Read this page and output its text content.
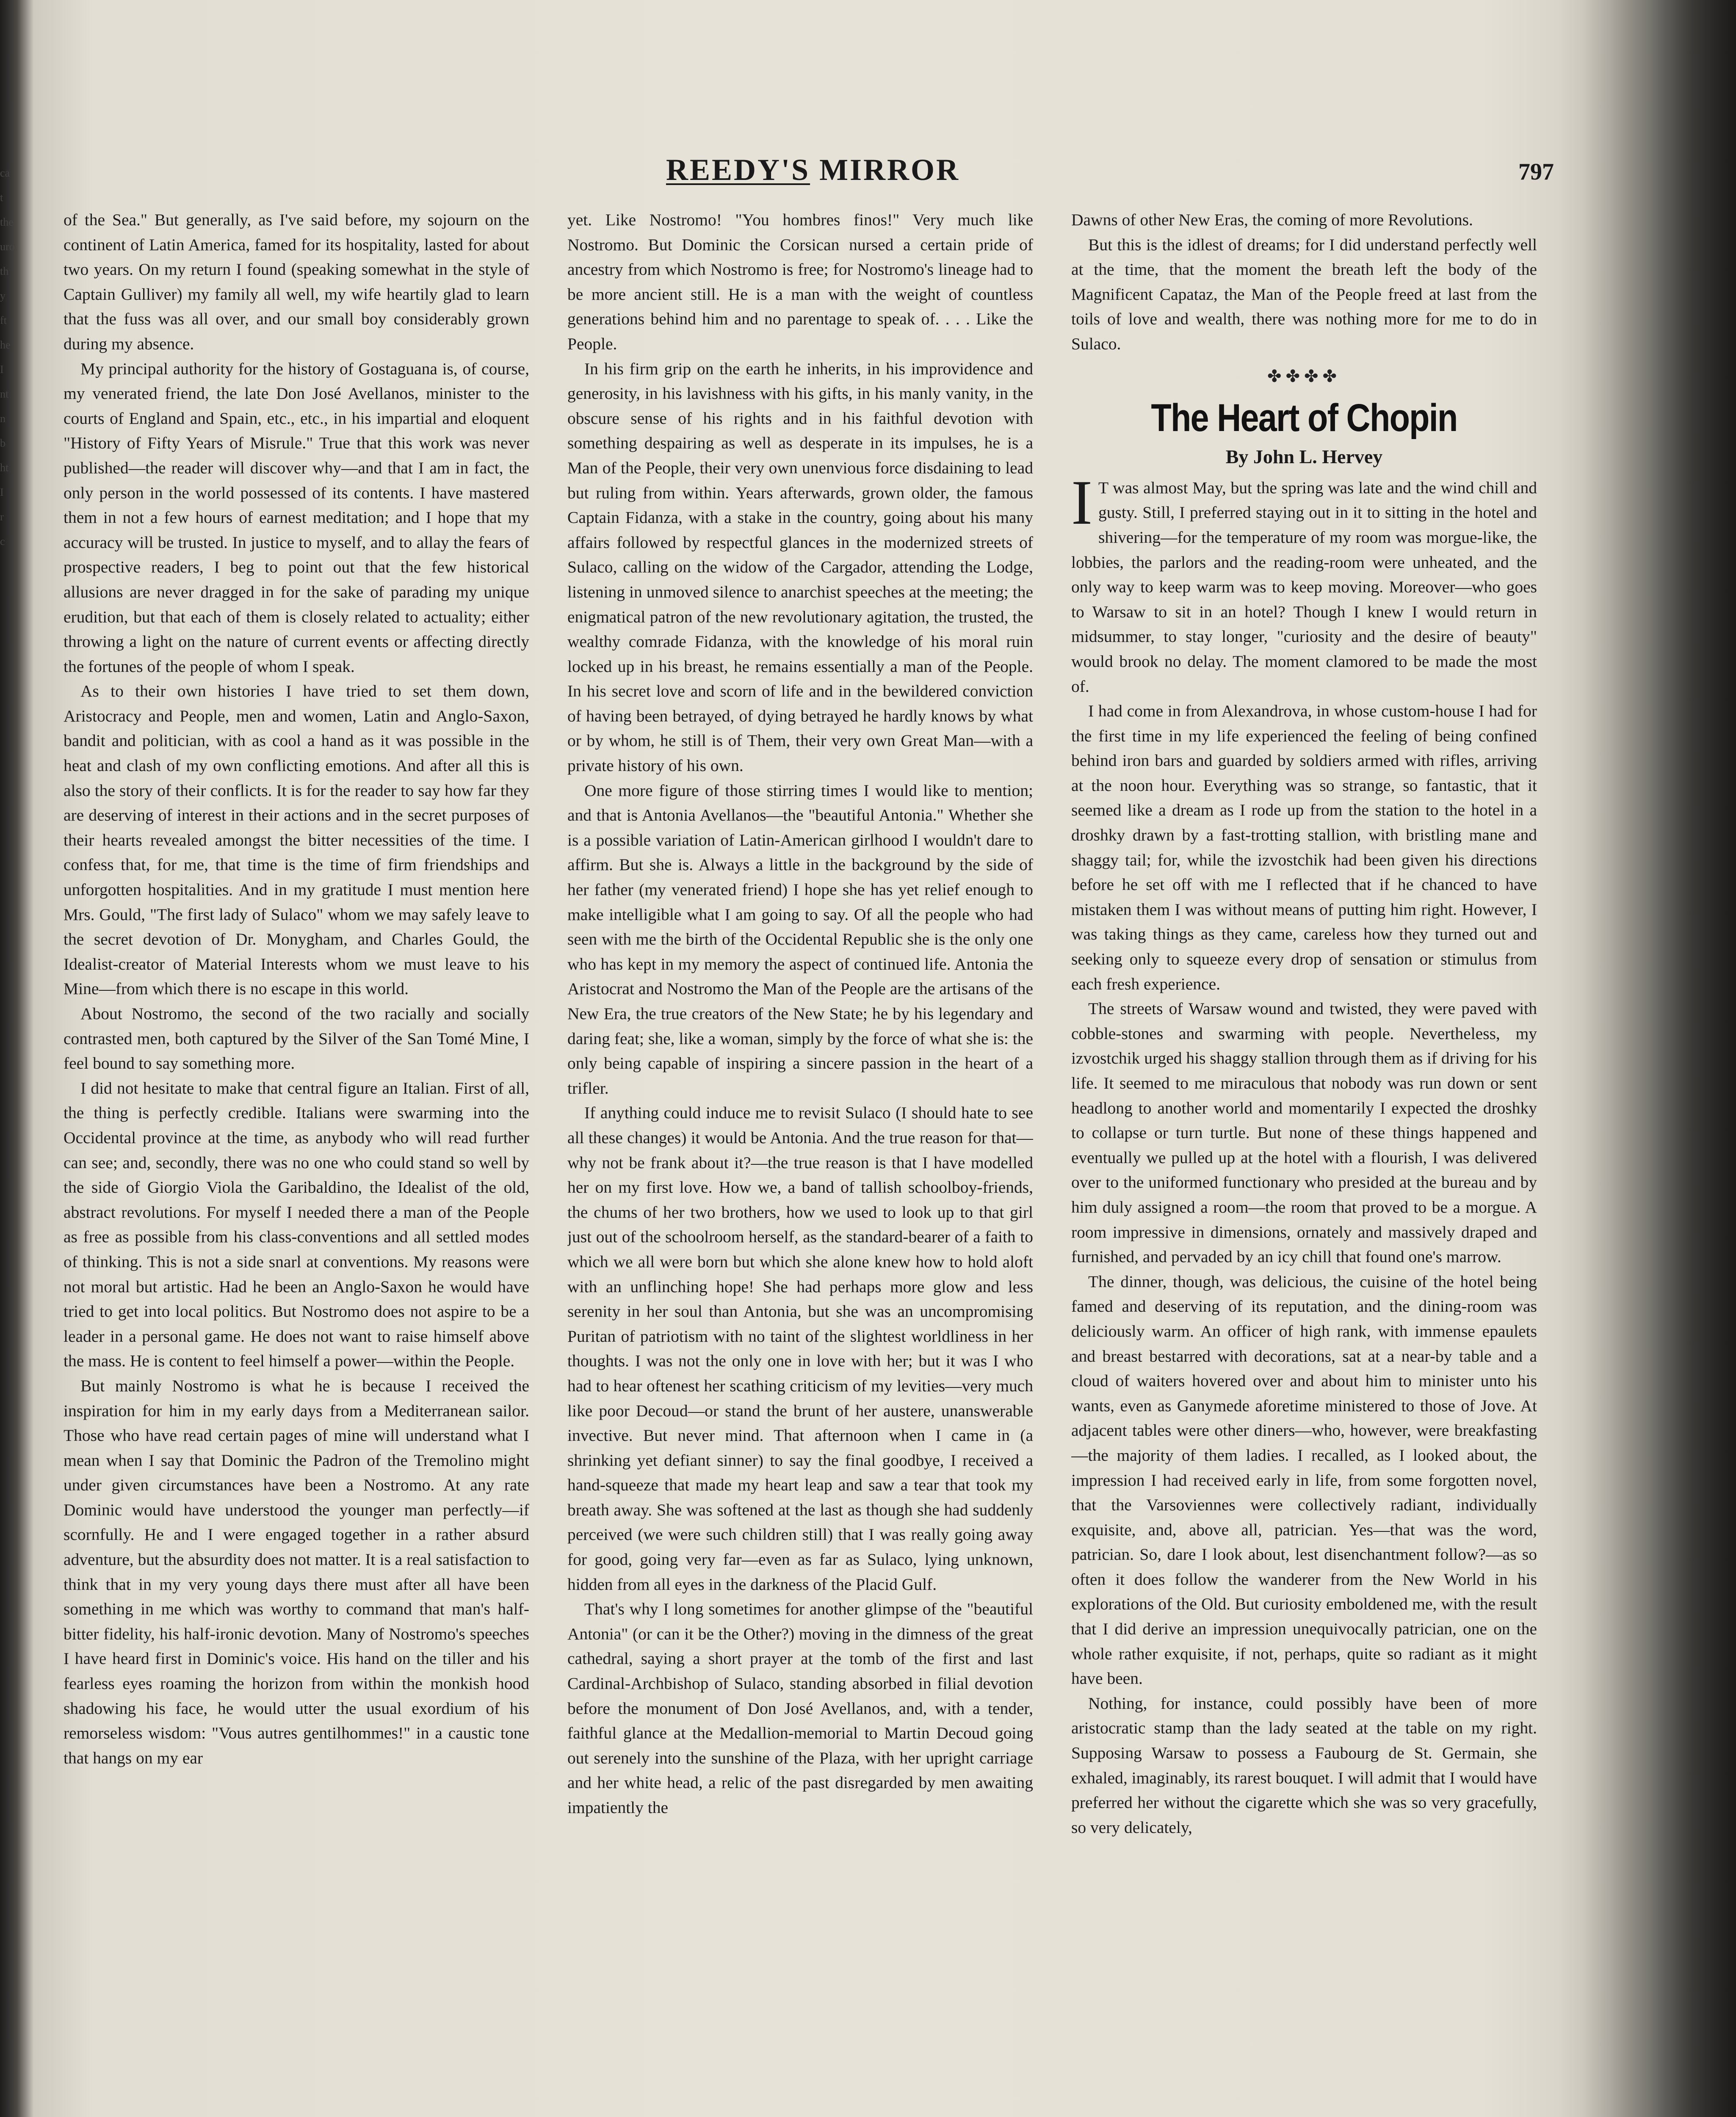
ca
t
the
uro
th
y
ft
he
I
nt
n
b
ht
I
r
c
REEDY'S MIRROR	797

of the Sea." But generally, as I've said before, my sojourn on the continent of Latin America, famed for its hospitality, lasted for about two years. On my return I found (speaking somewhat in the style of Captain Gulliver) my family all well, my wife heartily glad to learn that the fuss was all over, and our small boy considerably grown during my absence.

My principal authority for the history of Gostaguana is, of course, my venerated friend, the late Don José Avellanos, minister to the courts of England and Spain, etc., etc., in his impartial and eloquent "History of Fifty Years of Misrule." True that this work was never published—the reader will discover why—and that I am in fact, the only person in the world possessed of its contents. I have mastered them in not a few hours of earnest meditation; and I hope that my accuracy will be trusted. In justice to myself, and to allay the fears of prospective readers, I beg to point out that the few historical allusions are never dragged in for the sake of parading my unique erudition, but that each of them is closely related to actuality; either throwing a light on the nature of current events or affecting directly the fortunes of the people of whom I speak.

As to their own histories I have tried to set them down, Aristocracy and People, men and women, Latin and Anglo-Saxon, bandit and politician, with as cool a hand as it was possible in the heat and clash of my own conflicting emotions. And after all this is also the story of their conflicts. It is for the reader to say how far they are deserving of interest in their actions and in the secret purposes of their hearts revealed amongst the bitter necessities of the time. I confess that, for me, that time is the time of firm friendships and unforgotten hospitalities. And in my gratitude I must mention here Mrs. Gould, "The first lady of Sulaco" whom we may safely leave to the secret devotion of Dr. Monygham, and Charles Gould, the Idealist-creator of Material Interests whom we must leave to his Mine—from which there is no escape in this world.

About Nostromo, the second of the two racially and socially contrasted men, both captured by the Silver of the San Tomé Mine, I feel bound to say something more.

I did not hesitate to make that central figure an Italian. First of all, the thing is perfectly credible. Italians were swarming into the Occidental province at the time, as anybody who will read further can see; and, secondly, there was no one who could stand so well by the side of Giorgio Viola the Garibaldino, the Idealist of the old, abstract revolutions. For myself I needed there a man of the People as free as possible from his class-conventions and all settled modes of thinking. This is not a side snarl at conventions. My reasons were not moral but artistic. Had he been an Anglo-Saxon he would have tried to get into local politics. But Nostromo does not aspire to be a leader in a personal game. He does not want to raise himself above the mass. He is content to feel himself a power—within the People.

But mainly Nostromo is what he is because I received the inspiration for him in my early days from a Mediterranean sailor. Those who have read certain pages of mine will understand what I mean when I say that Dominic the Padron of the Tremolino might under given circumstances have been a Nostromo. At any rate Dominic would have understood the younger man perfectly—if scornfully. He and I were engaged together in a rather absurd adventure, but the absurdity does not matter. It is a real satisfaction to think that in my very young days there must after all have been something in me which was worthy to command that man's half-bitter fidelity, his half-ironic devotion. Many of Nostromo's speeches I have heard first in Dominic's voice. His hand on the tiller and his fearless eyes roaming the horizon from within the monkish hood shadowing his face, he would utter the usual exordium of his remorseless wisdom: "Vous autres gentilhommes!" in a caustic tone that hangs on my ear

yet. Like Nostromo! "You hombres finos!" Very much like Nostromo. But Dominic the Corsican nursed a certain pride of ancestry from which Nostromo is free; for Nostromo's lineage had to be more ancient still. He is a man with the weight of countless generations behind him and no parentage to speak of. . . . Like the People.

In his firm grip on the earth he inherits, in his improvidence and generosity, in his lavishness with his gifts, in his manly vanity, in the obscure sense of his rights and in his faithful devotion with something despairing as well as desperate in its impulses, he is a Man of the People, their very own unenvious force disdaining to lead but ruling from within. Years afterwards, grown older, the famous Captain Fidanza, with a stake in the country, going about his many affairs followed by respectful glances in the modernized streets of Sulaco, calling on the widow of the Cargador, attending the Lodge, listening in unmoved silence to anarchist speeches at the meeting; the enigmatical patron of the new revolutionary agitation, the trusted, the wealthy comrade Fidanza, with the knowledge of his moral ruin locked up in his breast, he remains essentially a man of the People. In his secret love and scorn of life and in the bewildered conviction of having been betrayed, of dying betrayed he hardly knows by what or by whom, he still is of Them, their very own Great Man—with a private history of his own.

One more figure of those stirring times I would like to mention; and that is Antonia Avellanos—the "beautiful Antonia." Whether she is a possible variation of Latin-American girlhood I wouldn't dare to affirm. But she is. Always a little in the background by the side of her father (my venerated friend) I hope she has yet relief enough to make intelligible what I am going to say. Of all the people who had seen with me the birth of the Occidental Republic she is the only one who has kept in my memory the aspect of continued life. Antonia the Aristocrat and Nostromo the Man of the People are the artisans of the New Era, the true creators of the New State; he by his legendary and daring feat; she, like a woman, simply by the force of what she is: the only being capable of inspiring a sincere passion in the heart of a trifler.

If anything could induce me to revisit Sulaco (I should hate to see all these changes) it would be Antonia. And the true reason for that—why not be frank about it?—the true reason is that I have modelled her on my first love. How we, a band of tallish schoolboy-friends, the chums of her two brothers, how we used to look up to that girl just out of the schoolroom herself, as the standard-bearer of a faith to which we all were born but which she alone knew how to hold aloft with an unflinching hope! She had perhaps more glow and less serenity in her soul than Antonia, but she was an uncompromising Puritan of patriotism with no taint of the slightest worldliness in her thoughts. I was not the only one in love with her; but it was I who had to hear oftenest her scathing criticism of my levities—very much like poor Decoud—or stand the brunt of her austere, unanswerable invective. But never mind. That afternoon when I came in (a shrinking yet defiant sinner) to say the final goodbye, I received a hand-squeeze that made my heart leap and saw a tear that took my breath away. She was softened at the last as though she had suddenly perceived (we were such children still) that I was really going away for good, going very far—even as far as Sulaco, lying unknown, hidden from all eyes in the darkness of the Placid Gulf.

That's why I long sometimes for another glimpse of the "beautiful Antonia" (or can it be the Other?) moving in the dimness of the great cathedral, saying a short prayer at the tomb of the first and last Cardinal-Archbishop of Sulaco, standing absorbed in filial devotion before the monument of Don José Avellanos, and, with a tender, faithful glance at the Medallion-memorial to Martin Decoud going out serenely into the sunshine of the Plaza, with her upright carriage and her white head, a relic of the past disregarded by men awaiting impatiently the

Dawns of other New Eras, the coming of more Revolutions.

But this is the idlest of dreams; for I did understand perfectly well at the time, that the moment the breath left the body of the Magnificent Capataz, the Man of the People freed at last from the toils of love and wealth, there was nothing more for me to do in Sulaco.

✤✤✤✤
The Heart of Chopin
By John L. Hervey

I T was almost May, but the spring was late and the wind chill and gusty. Still, I preferred staying out in it to sitting in the hotel and shivering—for the temperature of my room was morgue-like, the lobbies, the parlors and the reading-room were unheated, and the only way to keep warm was to keep moving. Moreover—who goes to Warsaw to sit in an hotel? Though I knew I would return in midsummer, to stay longer, "curiosity and the desire of beauty" would brook no delay. The moment clamored to be made the most of.

I had come in from Alexandrova, in whose custom-house I had for the first time in my life experienced the feeling of being confined behind iron bars and guarded by soldiers armed with rifles, arriving at the noon hour. Everything was so strange, so fantastic, that it seemed like a dream as I rode up from the station to the hotel in a droshky drawn by a fast-trotting stallion, with bristling mane and shaggy tail; for, while the izvostchik had been given his directions before he set off with me I reflected that if he chanced to have mistaken them I was without means of putting him right. However, I was taking things as they came, careless how they turned out and seeking only to squeeze every drop of sensation or stimulus from each fresh experience.

The streets of Warsaw wound and twisted, they were paved with cobble-stones and swarming with people. Nevertheless, my izvostchik urged his shaggy stallion through them as if driving for his life. It seemed to me miraculous that nobody was run down or sent headlong to another world and momentarily I expected the droshky to collapse or turn turtle. But none of these things happened and eventually we pulled up at the hotel with a flourish, I was delivered over to the uniformed functionary who presided at the bureau and by him duly assigned a room—the room that proved to be a morgue. A room impressive in dimensions, ornately and massively draped and furnished, and pervaded by an icy chill that found one's marrow.

The dinner, though, was delicious, the cuisine of the hotel being famed and deserving of its reputation, and the dining-room was deliciously warm. An officer of high rank, with immense epaulets and breast bestarred with decorations, sat at a near-by table and a cloud of waiters hovered over and about him to minister unto his wants, even as Ganymede aforetime ministered to those of Jove. At adjacent tables were other diners—who, however, were breakfasting—the majority of them ladies. I recalled, as I looked about, the impression I had received early in life, from some forgotten novel, that the Varsoviennes were collectively radiant, individually exquisite, and, above all, patrician. Yes—that was the word, patrician. So, dare I look about, lest disenchantment follow?—as so often it does follow the wanderer from the New World in his explorations of the Old. But curiosity emboldened me, with the result that I did derive an impression unequivocally patrician, one on the whole rather exquisite, if not, perhaps, quite so radiant as it might have been.

Nothing, for instance, could possibly have been of more aristocratic stamp than the lady seated at the table on my right. Supposing Warsaw to possess a Faubourg de St. Germain, she exhaled, imaginably, its rarest bouquet. I will admit that I would have preferred her without the cigarette which she was so very gracefully, so very delicately,
